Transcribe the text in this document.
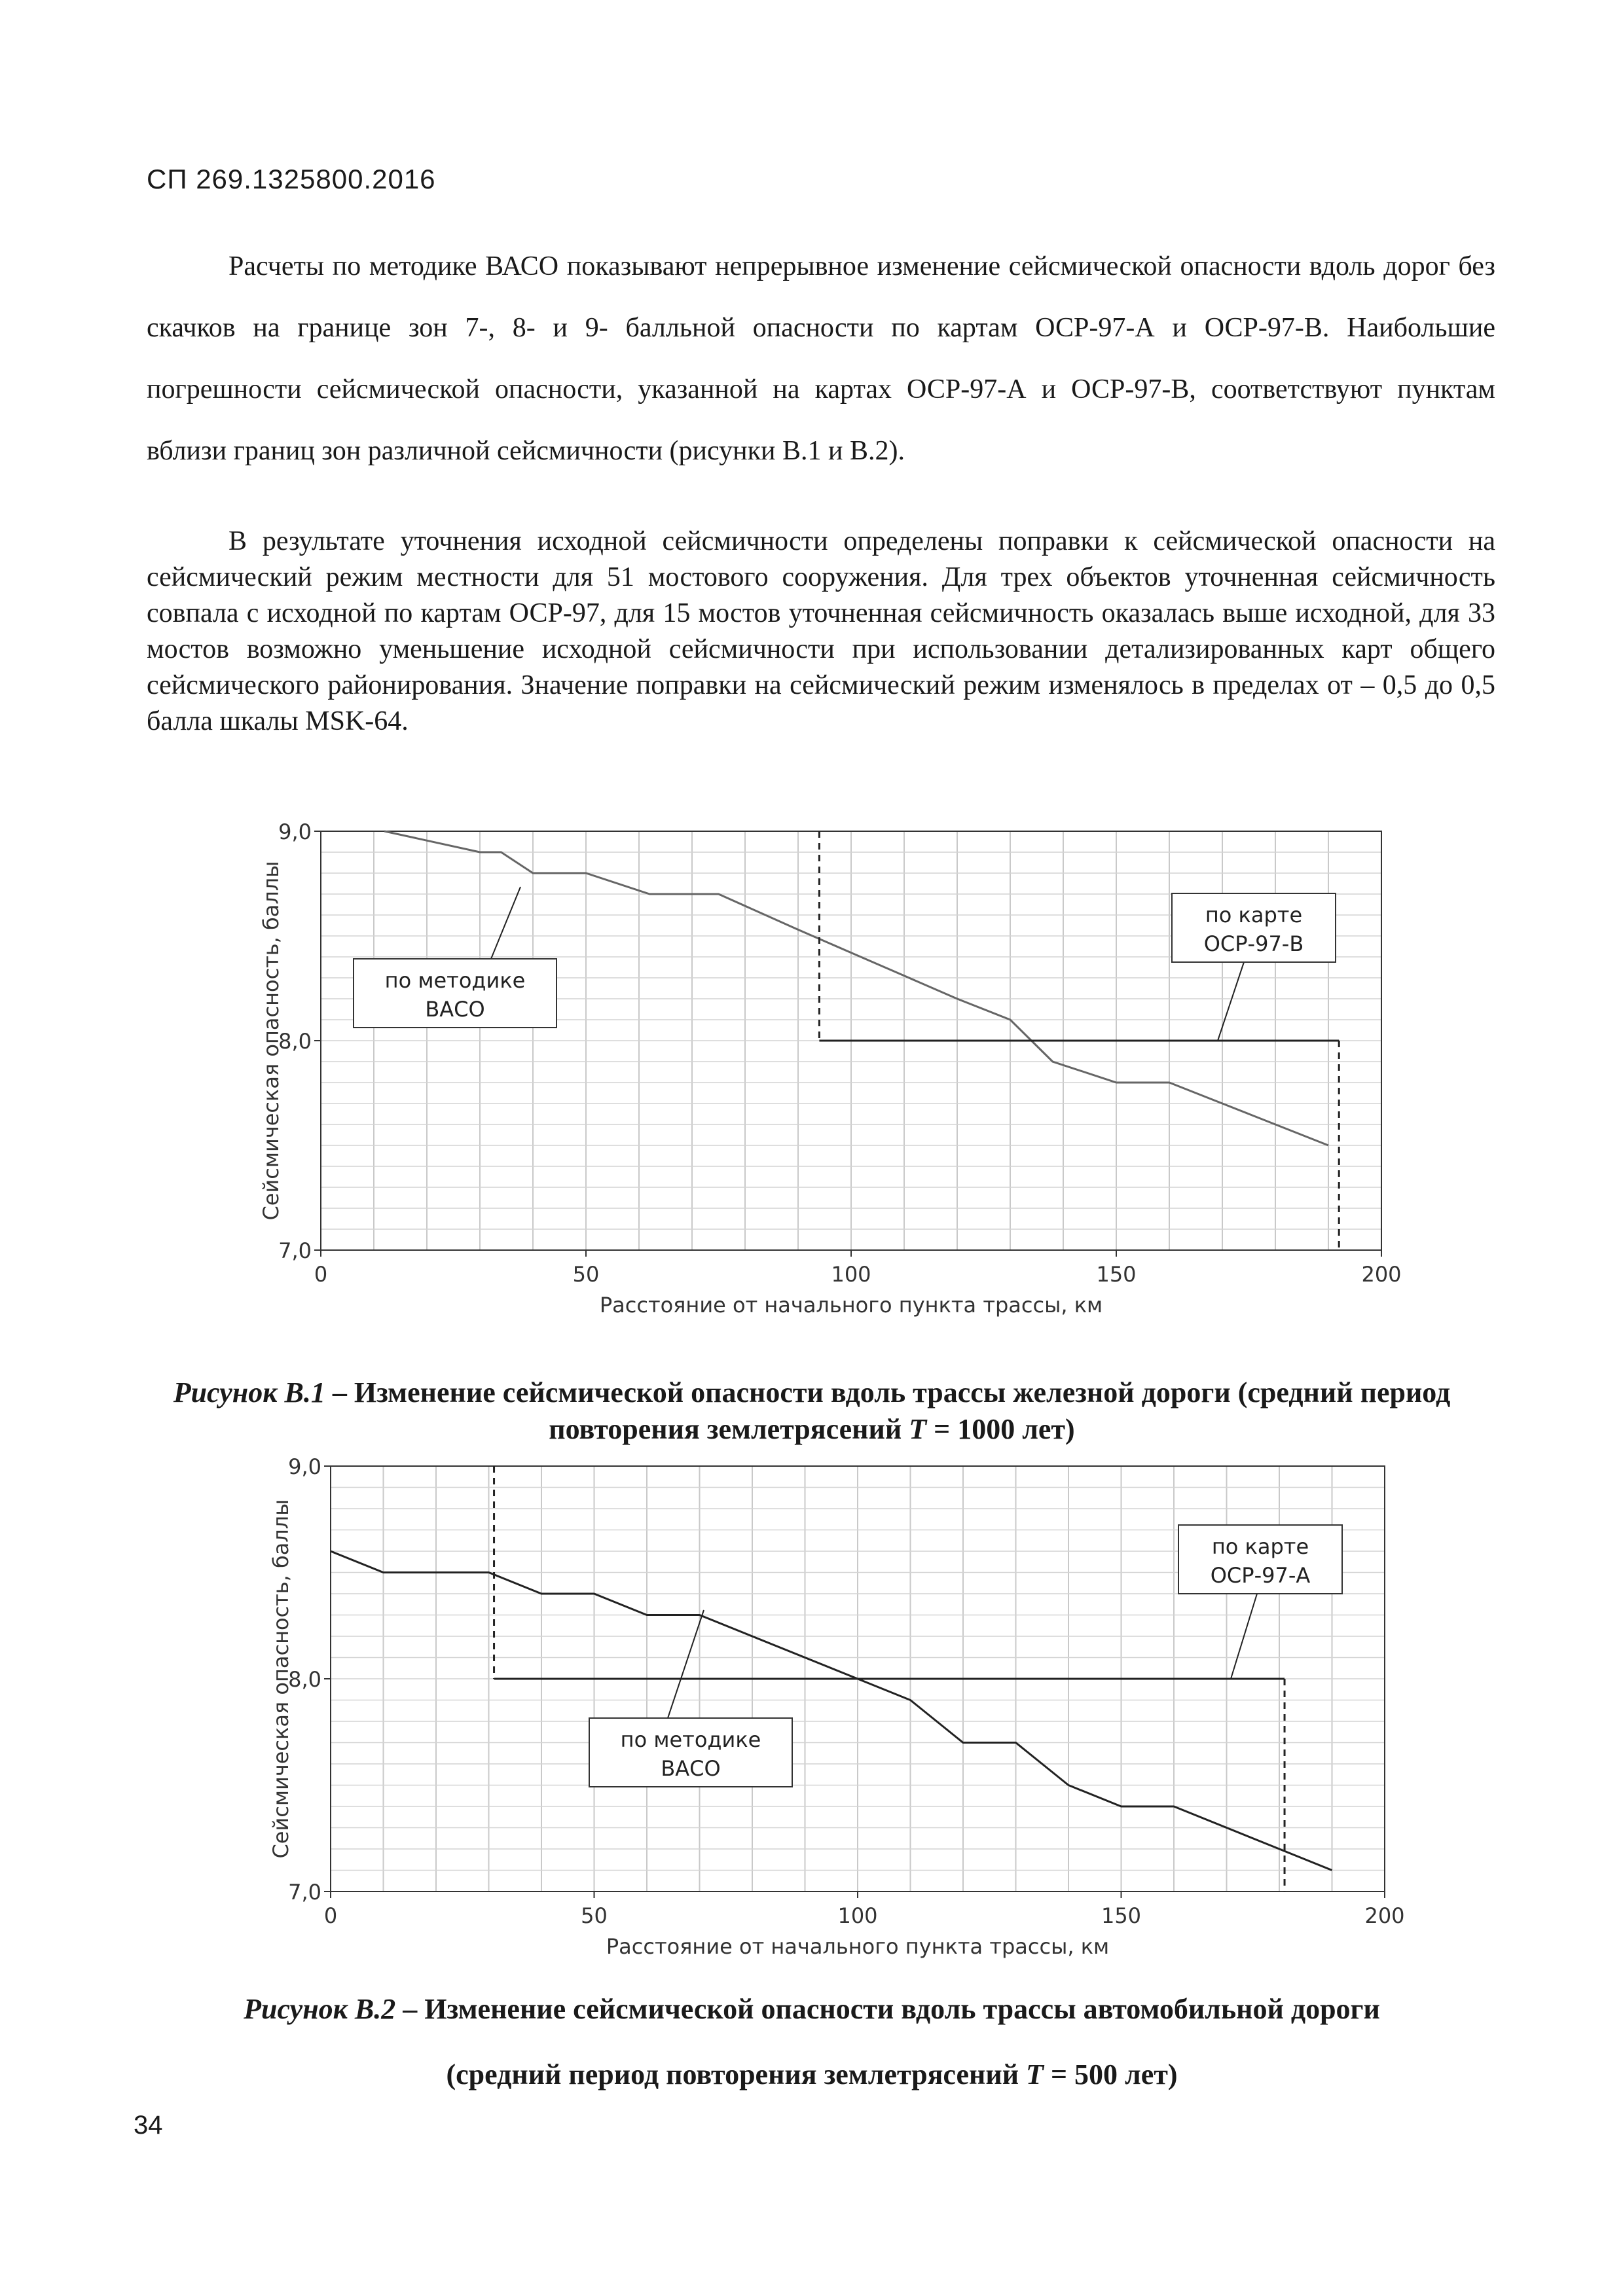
СП 269.1325800.2016
Расчеты по методике ВАСО показывают непрерывное изменение сейсмической опасности вдоль дорог без скачков на границе зон 7-, 8- и 9- балльной опасности по картам ОСР-97-А и ОСР-97-В. Наибольшие погрешности сейсмической опасности, указанной на картах ОСР-97-А и ОСР-97-В, соответствуют пунктам вблизи границ зон различной сейсмичности (рисунки В.1 и В.2).
В результате уточнения исходной сейсмичности определены поправки к сейсмической опасности на сейсмический режим местности для 51 мостового сооружения. Для трех объектов уточненная сейсмичность совпала с исходной по картам ОСР-97, для 15 мостов уточненная сейсмичность оказалась выше исходной, для 33 мостов возможно уменьшение исходной сейсмичности при использовании детализированных карт общего сейсмического районирования. Значение поправки на сейсмический режим изменялось в пределах от – 0,5 до 0,5 балла шкалы MSK-64.
0	50	100	150	200
7,0
8,0
9,0
Расстояние от начального пункта трассы, км
Сейсмическая опасность, баллы	по методике
ВАСО
по карте
ОСР-97-В
Рисунок В.1 – Изменение сейсмической опасности вдоль трассы железной дороги (средний период повторения землетрясений T = 1000 лет)
0	50	100	150	200
7,0
8,0
9,0
Расстояние от начального пункта трассы, км
Сейсмическая опасность, баллы	по методике
ВАСО
по карте
ОСР-97-А
Рисунок В.2 – Изменение сейсмической опасности вдоль трассы автомобильной дороги
(средний период повторения землетрясений T = 500 лет)
34
